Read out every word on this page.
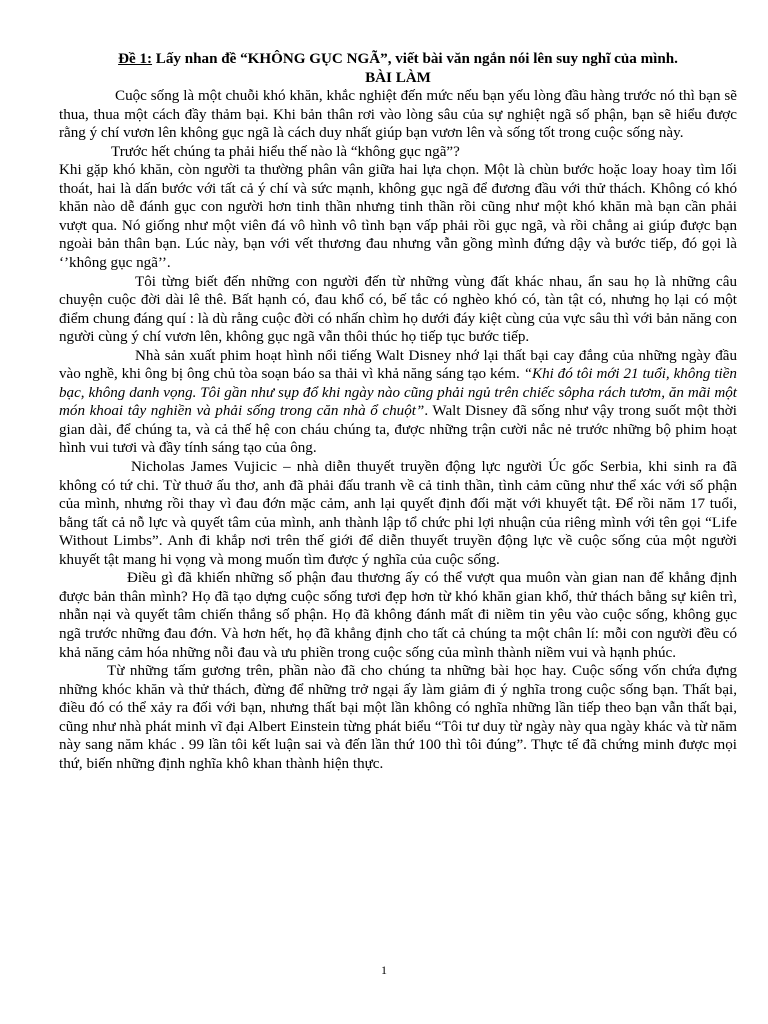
Đề 1: Lấy nhan đề “KHÔNG GỤC NGÃ”, viết bài văn ngắn nói lên suy nghĩ của mình.

BÀI LÀM

Cuộc sống là một chuỗi khó khăn, khắc nghiệt đến mức nếu bạn yếu lòng đầu hàng trước nó thì bạn sẽ thua, thua một cách đầy thảm bại. Khi bản thân rơi vào lòng sâu của sự nghiệt ngã số phận, bạn sẽ hiểu được rằng ý chí vươn lên không gục ngã là cách duy nhất giúp bạn vươn lên và sống tốt trong cuộc sống này.

Trước hết chúng ta phải hiểu thế nào là “không gục ngã”?

Khi gặp khó khăn, còn người ta thường phân vân giữa hai lựa chọn. Một là chùn bước hoặc loay hoay tìm lối thoát, hai là dấn bước với tất cả ý chí và sức mạnh, không gục ngã để đương đầu với thử thách. Không có khó khăn nào dễ đánh gục con người hơn tinh thần nhưng tinh thần rồi cũng như một khó khăn mà bạn cần phải vượt qua. Nó giống như một viên đá vô hình vô tình bạn vấp phải rồi gục ngã, và rồi chẳng ai giúp được bạn ngoài bản thân bạn. Lúc này, bạn với vết thương đau nhưng vẫn gồng mình đứng dậy và bước tiếp, đó gọi là ‘’không gục ngã’’.

Tôi từng biết đến những con người đến từ những vùng đất khác nhau, ẩn sau họ là những câu chuyện cuộc đời dài lê thê. Bất hạnh có, đau khổ có, bế tắc có nghèo khó có, tàn tật có, nhưng họ lại có một điểm chung đáng quí : là dù rằng cuộc đời có nhấn chìm họ dưới đáy kiệt cùng của vực sâu thì với bản năng con người cùng ý chí vươn lên, không gục ngã vẫn thôi thúc họ tiếp tục bước tiếp.

Nhà sản xuất phim hoạt hình nổi tiếng Walt Disney nhớ lại thất bại cay đắng của những ngày đầu vào nghề, khi ông bị ông chủ tòa soạn báo sa thải vì khả năng sáng tạo kém. “Khi đó tôi mới 21 tuổi, không tiền bạc, không danh vọng. Tôi gần như sụp đổ khi ngày nào cũng phải ngủ trên chiếc sôpha rách tươm, ăn mãi một món khoai tây nghiền và phải sống trong căn nhà ổ chuột”. Walt Disney đã sống như vậy trong suốt một thời gian dài, để chúng ta, và cả thế hệ con cháu chúng ta, được những trận cười nắc nẻ trước những bộ phim hoạt hình vui tươi và đầy tính sáng tạo của ông.

Nicholas James Vujicic – nhà diễn thuyết truyền động lực người Úc gốc Serbia, khi sinh ra đã không có tứ chi. Từ thuở ấu thơ, anh đã phải đấu tranh về cả tinh thần, tình cảm cũng như thể xác với số phận của mình, nhưng rồi thay vì đau đớn mặc cảm, anh lại quyết định đối mặt với khuyết tật. Để rồi năm 17 tuổi, bằng tất cả nỗ lực và quyết tâm của mình, anh thành lập tổ chức phi lợi nhuận của riêng mình với tên gọi “Life Without Limbs”. Anh đi khắp nơi trên thế giới để diễn thuyết truyền động lực về cuộc sống của một người khuyết tật mang hi vọng và mong muốn tìm được ý nghĩa của cuộc sống.

Điều gì đã khiến những số phận đau thương ấy có thể vượt qua muôn vàn gian nan để khẳng định được bản thân mình? Họ đã tạo dựng cuộc sống tươi đẹp hơn từ khó khăn gian khổ, thử thách bằng sự kiên trì, nhẫn nại và quyết tâm chiến thắng số phận. Họ đã không đánh mất đi niềm tin yêu vào cuộc sống, không gục ngã trước những đau đớn. Và hơn hết, họ đã khẳng định cho tất cả chúng ta một chân lí: mỗi con người đều có khả năng cảm hóa những nỗi đau và ưu phiền trong cuộc sống của mình thành niềm vui và hạnh phúc.

Từ những tấm gương trên, phần nào đã cho chúng ta những bài học hay. Cuộc sống vốn chứa đựng những khóc khăn và thử thách, đừng để những trở ngại ấy làm giảm đi ý nghĩa trong cuộc sống bạn. Thất bại, điều đó có thể xảy ra đối với bạn, nhưng thất bại một lần không có nghĩa những lần tiếp theo bạn vẫn thất bại, cũng như nhà phát minh vĩ đại Albert Einstein từng phát biểu “Tôi tư duy từ ngày này qua ngày khác và từ năm này sang năm khác . 99 lần tôi kết luận sai và đến lần thứ 100 thì tôi đúng”. Thực tế đã chứng minh được mọi thứ, biến những định nghĩa khô khan thành hiện thực.

1
